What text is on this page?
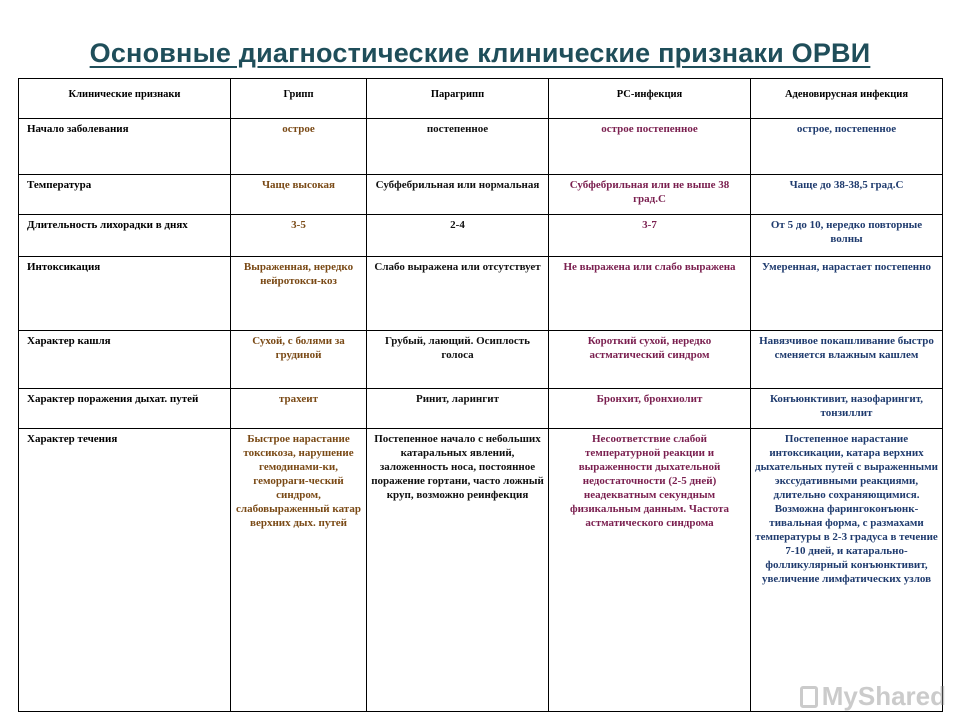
Основные диагностические клинические признаки ОРВИ
Клинические признаки	Грипп	Парагрипп	РС-инфекция	Аденовирусная инфекция
Начало заболевания	острое	постепенное	острое постепенное	острое, постепенное
Температура	Чаще высокая	Субфебрильная или нормальная	Субфебрильная или не выше 38 град.С	Чаще до 38-38,5 град.С
Длительность лихорадки в днях	3-5	2-4	3-7	От 5 до 10, нередко повторные волны
Интоксикация	Выраженная, нередко нейротокси-коз	Слабо выражена или отсутствует	Не выражена или слабо выражена	Умеренная, нарастает постепенно
Характер кашля	Сухой, с болями за грудиной	Грубый, лающий. Осиплость голоса	Короткий сухой, нередко астматический синдром	Навязчивое покашливание быстро сменяется влажным кашлем
Характер поражения дыхат. путей	трахеит	Ринит, ларингит	Бронхит, бронхиолит	Конъюнктивит, назофарингит, тонзиллит
Характер течения	Быстрое нарастание токсикоза, нарушение гемодинами-ки, геморраги-ческий синдром, слабовыраженный катар верхних дых. путей	Постепенное начало с небольших катаральных явлений, заложенность носа, постоянное поражение гортани, часто ложный круп, возможно реинфекция	Несоответствие слабой температурной реакции и выраженности дыхательной недостаточности (2-5 дней) неадекватным секундным физикальным данным. Частота астматического синдрома	Постепенное нарастание интоксикации, катара верхних дыхательных путей с выраженными экссудативными реакциями, длительно сохраняющимися. Возможна фарингоконъюнк-тивальная форма, с размахами температуры в 2-3 градуса в течение 7-10 дней, и катарально-фолликулярный конъюнктивит, увеличение лимфатических узлов
MyShared
